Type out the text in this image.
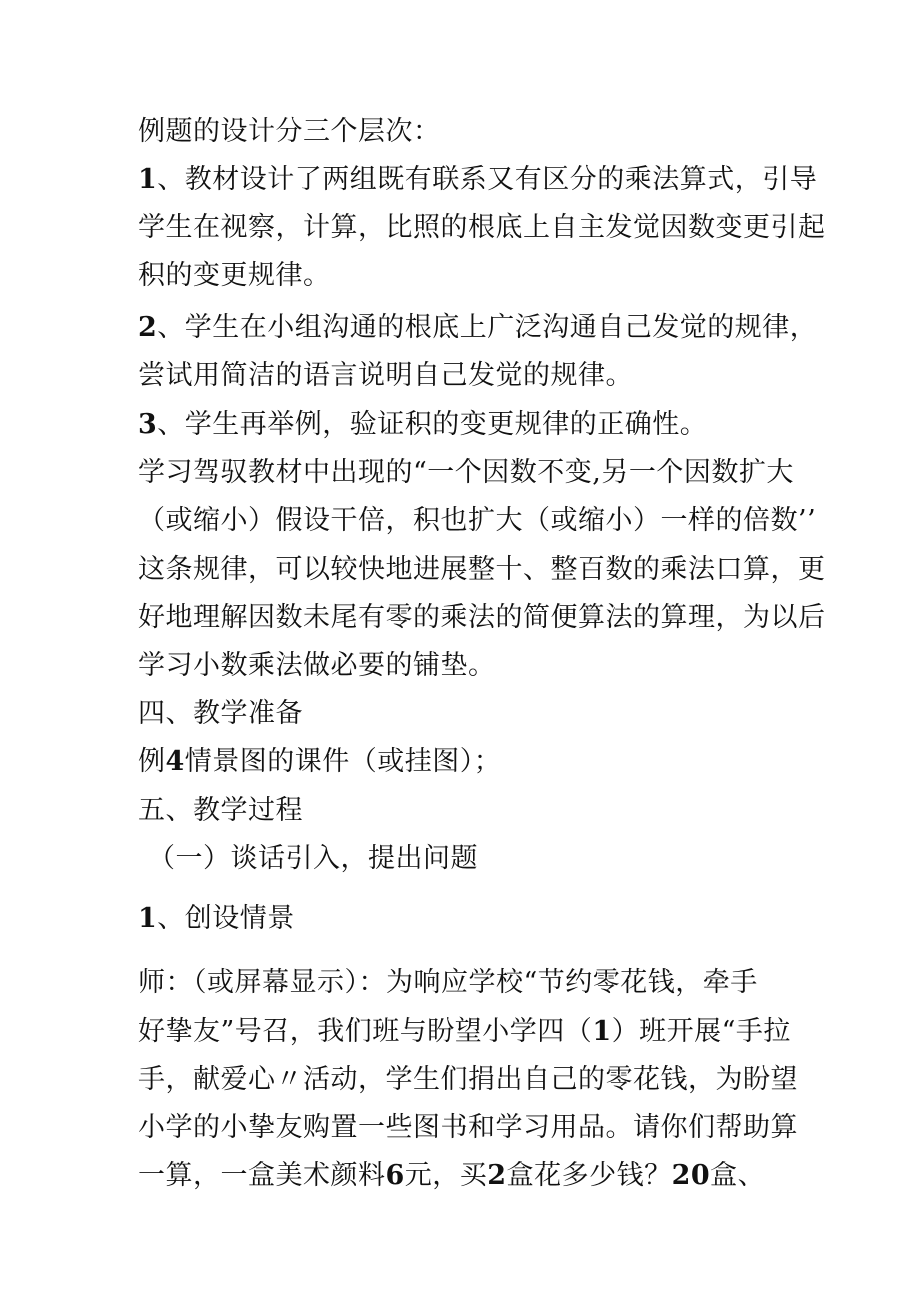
例题的设计分三个层次：
1、教材设计了两组既有联系又有区分的乘法算式，引导
学生在视察，计算，比照的根底上自主发觉因数变更引起
积的变更规律。
2、学生在小组沟通的根底上广泛沟通自己发觉的规律，
尝试用简洁的语言说明自己发觉的规律。
3、学生再举例，验证积的变更规律的正确性。
学习驾驭教材中出现的“一个因数不变,另一个因数扩大
（或缩小）假设干倍，积也扩大（或缩小）一样的倍数’’
这条规律，可以较快地进展整十、整百数的乘法口算，更
好地理解因数未尾有零的乘法的简便算法的算理，为以后
学习小数乘法做必要的铺垫。
四、教学准备
例4情景图的课件（或挂图）；
五、教学过程
（一）谈话引入，提出问题
1、创设情景
师：（或屏幕显示）：为响应学校“节约零花钱，牵手
好挚友”号召，我们班与盼望小学四（1）班开展“手拉
手，献爱心〃活动，学生们捐出自己的零花钱，为盼望
小学的小挚友购置一些图书和学习用品。请你们帮助算
一算，一盒美术颜料6元，买2盒花多少钱？20盒、
